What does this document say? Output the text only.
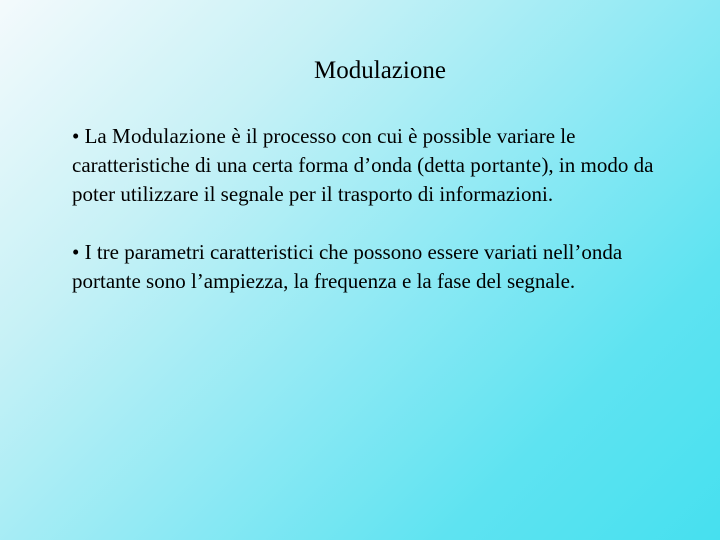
Modulazione

• La Modulazione è il processo con cui è possible variare le caratteristiche di una certa forma d’onda (detta portante), in modo da poter utilizzare il segnale per il trasporto di informazioni.

• I tre parametri caratteristici che possono essere variati nell’onda portante sono l’ampiezza, la frequenza e la fase del segnale.
